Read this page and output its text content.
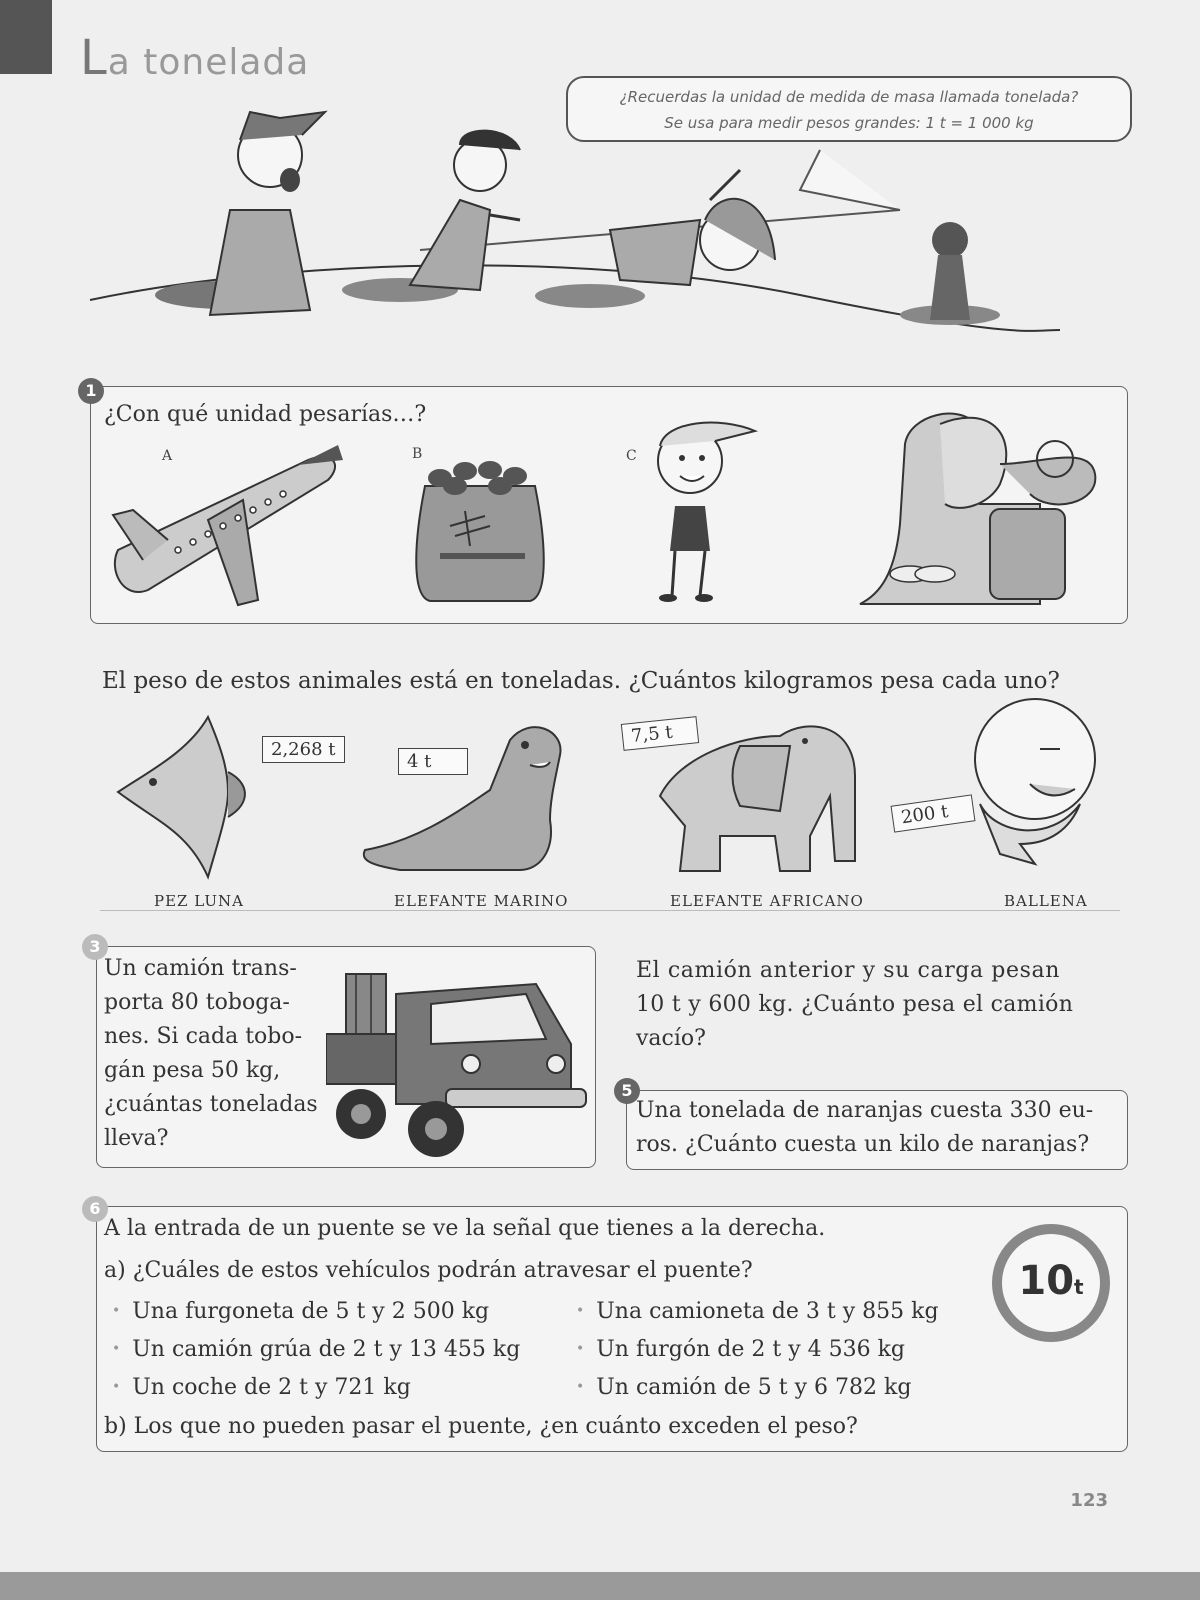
La tonelada
¿Recuerdas la unidad de medida de masa llamada tonelada?
Se usa para medir pesos grandes: 1 t = 1 000 kg
1
¿Con qué unidad pesarías…?
A	B	C
El peso de estos animales está en toneladas. ¿Cuántos kilogramos pesa cada uno?
2,268 t
PEZ LUNA
4 t
ELEFANTE MARINO
7,5 t
ELEFANTE AFRICANO
200 t
BALLENA
3
Un camión trans-
porta 80 toboga-
nes. Si cada tobo-
gán pesa 50 kg,
¿cuántas toneladas
lleva?
El camión anterior y su carga pesan
10 t y 600 kg. ¿Cuánto pesa el camión
vacío?
5
Una tonelada de naranjas cuesta 330 eu-
ros. ¿Cuánto cuesta un kilo de naranjas?
6
A la entrada de un puente se ve la señal que tienes a la derecha.
a) ¿Cuáles de estos vehículos podrán atravesar el puente?
• Una furgoneta de 5 t y 2 500 kg
• Un camión grúa de 2 t y 13 455 kg
• Un coche de 2 t y 721 kg
• Una camioneta de 3 t y 855 kg
• Un furgón de 2 t y 4 536 kg
• Un camión de 5 t y 6 782 kg
b) Los que no pueden pasar el puente, ¿en cuánto exceden el peso?
10t
123
